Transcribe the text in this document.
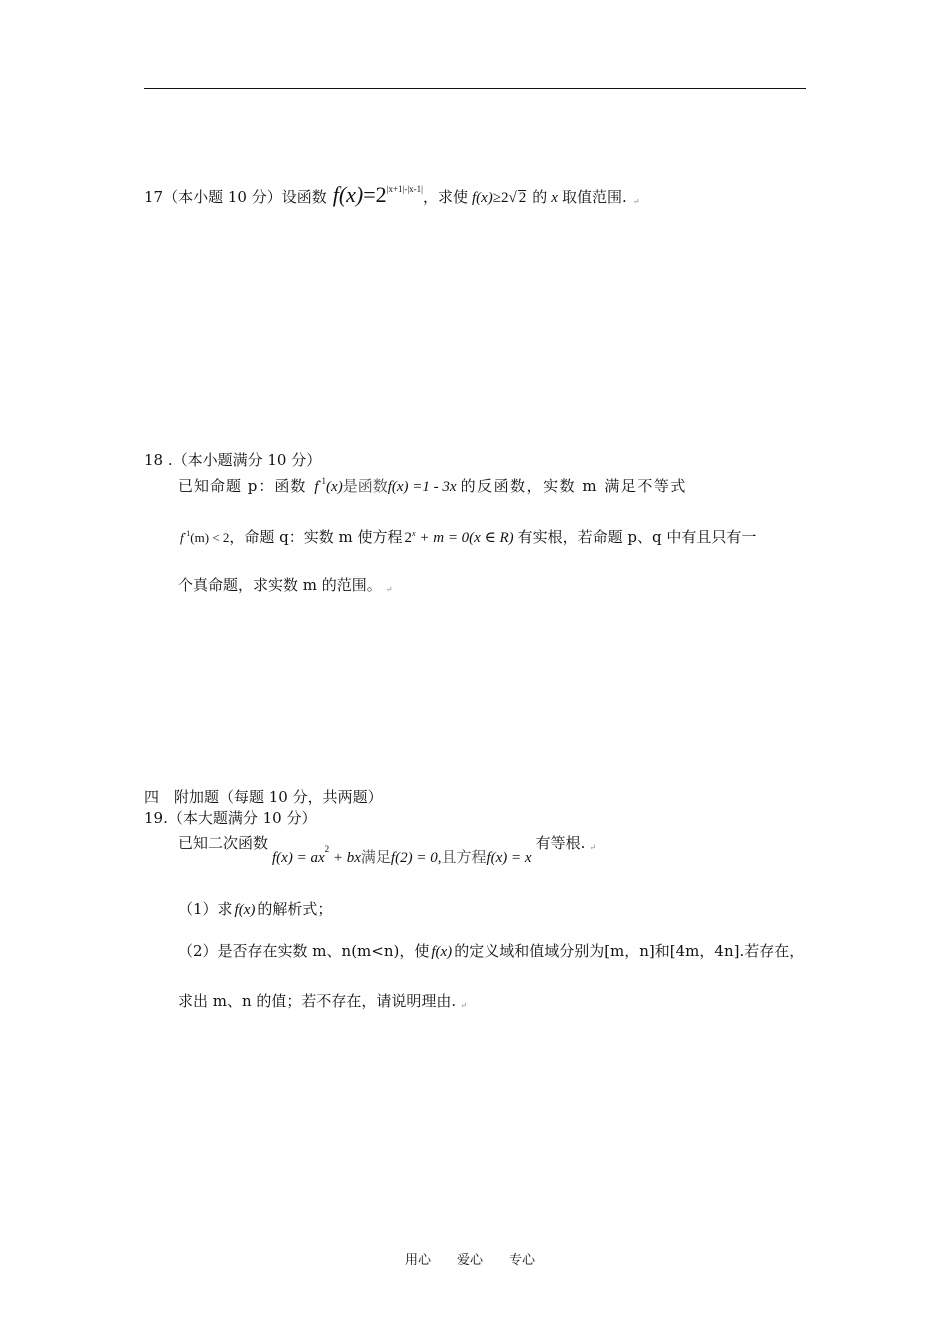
17（本小题 10 分）设函数 $f(x)=2^{|x+1|-|x-1|}$，求使 f(x)≥2√ 2 的 x 取值范围. ↵
18 .（本小题满分 10 分）
已知命题 p：函数 $f^{-1}(x)$是函数f(x) =1 - 3x 的反函数，实数 m 满足不等式
$f^{-1}(m) < 2$，命题 q：实数 m 使方程 $2^x + m = 0(x$ ∈ R) 有实根，若命题 p、q 中有且只有一
个真命题，求实数 m 的范围。 ↵
四　附加题（每题 10 分，共两题）
19.（本大题满分 10 分）
已知二次函数$f(x) = ax_2$ + bx满足f(2) = 0,且方程f(x) = x有等根. ↵
（1）求 f(x) 的解析式；
（2）是否存在实数 m、n(m<n)，使 f(x) 的定义域和值域分别为[m，n]和[4m，4n].若存在，
求出 m、n 的值；若不存在，请说明理由. ↵
用心 爱心 专心
